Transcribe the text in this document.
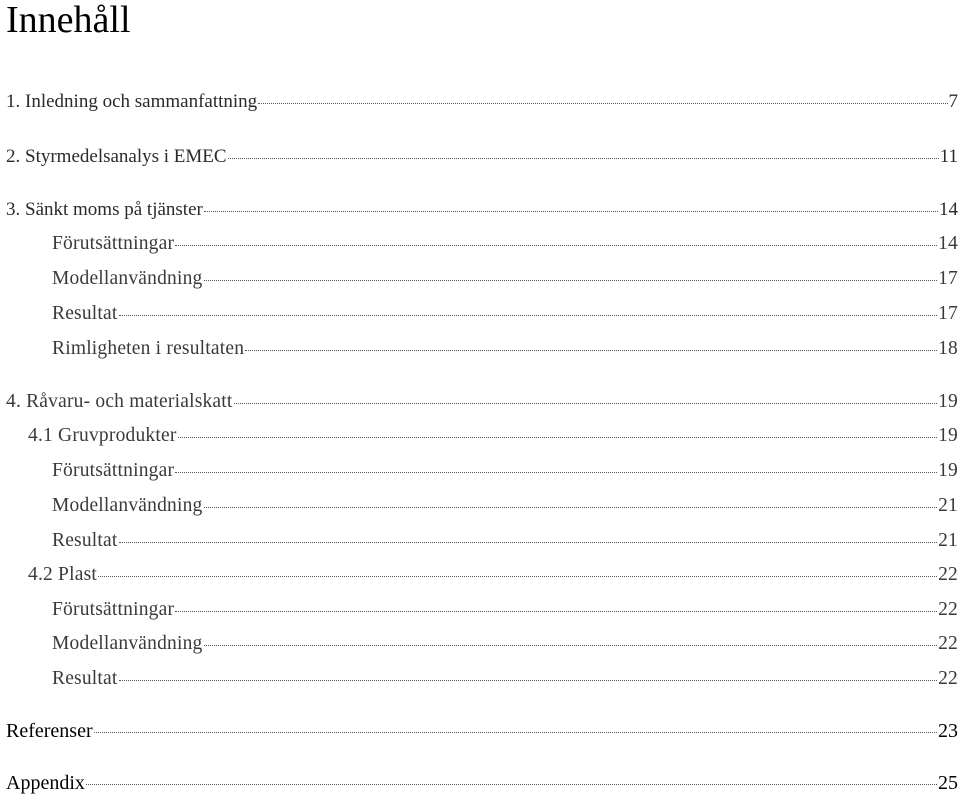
Innehåll
1. Inledning och sammanfattning	7
2. Styrmedelsanalys i EMEC	11
3. Sänkt moms på tjänster	14
Förutsättningar	14
Modellanvändning	17
Resultat	17
Rimligheten i resultaten	18
4. Råvaru- och materialskatt	19
4.1 Gruvprodukter	19
Förutsättningar	19
Modellanvändning	21
Resultat	21
4.2 Plast	22
Förutsättningar	22
Modellanvändning	22
Resultat	22
Referenser	23
Appendix	25
